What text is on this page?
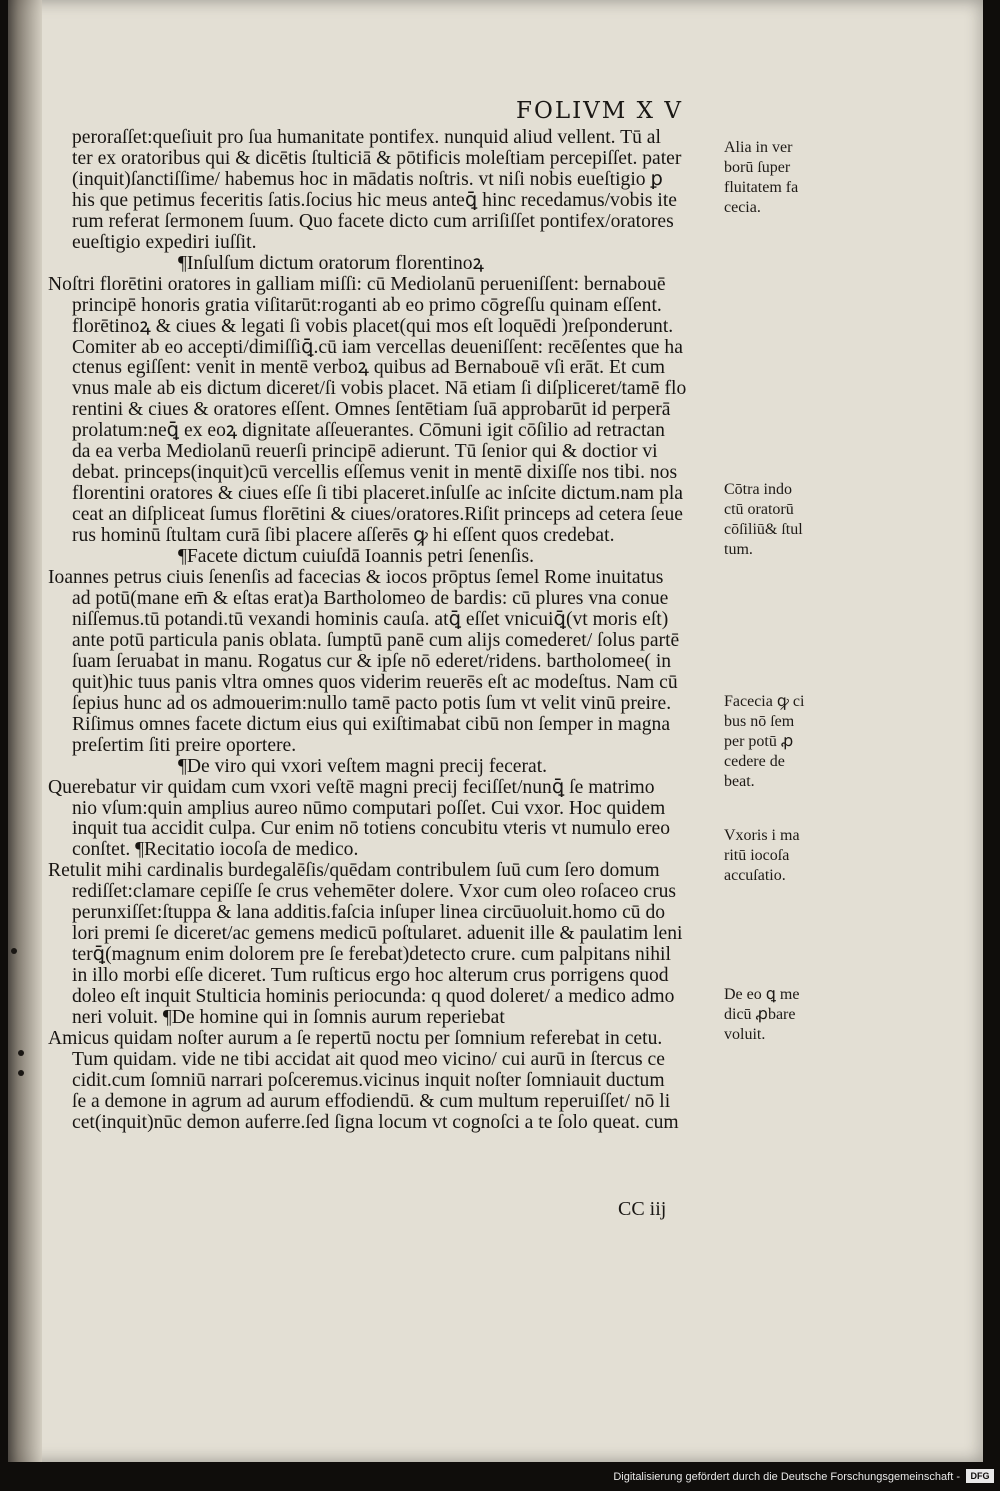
FOLIVM X V
peroraſſet:queſiuit pro ſua humanitate pontifex. nunquid aliud vellent. Tū al
ter ex oratoribus qui & dicētis ſtulticiā & pōtificis moleſtiam percepiſſet. pater
(inquit)ſanctiſſime/ habemus hoc in mādatis noſtris. vt niſi nobis eueſtigio ꝑ
his que petimus feceritis ſatis.ſocius hic meus anteꝗ̄ hinc recedamus/vobis ite
rum referat ſermonem ſuum. Quo facete dicto cum arriſiſſet pontifex/oratores
eueſtigio expediri iuſſit.
¶Inſulſum dictum oratorum florentinoꝝ
Noſtri florētini oratores in galliam miſſi: cū Mediolanū perueniſſent: bernabouē
principē honoris gratia viſitarūt:roganti ab eo primo cōgreſſu quinam eſſent.
florētinoꝝ & ciues & legati ſi vobis placet(qui mos eſt loquēdi )reſponderunt.
Comiter ab eo accepti/dimiſſiꝗ̄.cū iam vercellas deueniſſent: recēſentes que ha
ctenus egiſſent: venit in mentē verboꝝ quibus ad Bernabouē vſi erāt. Et cum
vnus male ab eis dictum diceret/ſi vobis placet. Nā etiam ſi diſpliceret/tamē flo
rentini & ciues & oratores eſſent. Omnes ſentētiam ſuā approbarūt id perperā
prolatum:neꝗ̄ ex eoꝝ dignitate aſſeuerantes. Cōmuni igit cōſilio ad retractan
da ea verba Mediolanū reuerſi principē adierunt. Tū ſenior qui & doctior vi
debat. princeps(inquit)cū vercellis eſſemus venit in mentē dixiſſe nos tibi. nos
florentini oratores & ciues eſſe ſi tibi placeret.inſulſe ac inſcite dictum.nam pla
ceat an diſpliceat ſumus florētini & ciues/oratores.Riſit princeps ad cetera ſeue
rus hominū ſtultam curā ſibi placere aſſerēs ꝙ hi eſſent quos credebat.
¶Facete dictum cuiuſdā Ioannis petri ſenenſis.
Ioannes petrus ciuis ſenenſis ad facecias & iocos prōptus ſemel Rome inuitatus
ad potū(mane em̄ & eſtas erat)a Bartholomeo de bardis: cū plures vna conue
niſſemus.tū potandi.tū vexandi hominis cauſa. atꝗ̄ eſſet vnicuiꝗ̄(vt moris eſt)
ante potū particula panis oblata. ſumptū panē cum alijs comederet/ ſolus partē
ſuam ſeruabat in manu. Rogatus cur & ipſe nō ederet/ridens. bartholomee( in
quit)hic tuus panis vltra omnes quos viderim reuerēs eſt ac modeſtus. Nam cū
ſepius hunc ad os admouerim:nullo tamē pacto potis ſum vt velit vinū preire.
Riſimus omnes facete dictum eius qui exiſtimabat cibū non ſemper in magna
preſertim ſiti preire oportere.
¶De viro qui vxori veſtem magni precij fecerat.
Querebatur vir quidam cum vxori veſtē magni precij feciſſet/nunꝗ̄ ſe matrimo
nio vſum:quin amplius aureo nūmo computari poſſet. Cui vxor. Hoc quidem
inquit tua accidit culpa. Cur enim nō totiens concubitu vteris vt numulo ereo
conſtet. ¶Recitatio iocoſa de medico.
Retulit mihi cardinalis burdegalēſis/quēdam contribulem ſuū cum ſero domum
rediſſet:clamare cepiſſe ſe crus vehemēter dolere. Vxor cum oleo roſaceo crus
perunxiſſet:ſtuppa & lana additis.faſcia inſuper linea circūuoluit.homo cū do
lori premi ſe diceret/ac gemens medicū poſtularet. aduenit ille & paulatim leni
terꝗ̄(magnum enim dolorem pre ſe ferebat)detecto crure. cum palpitans nihil
in illo morbi eſſe diceret. Tum ruſticus ergo hoc alterum crus porrigens quod
doleo eſt inquit Stulticia hominis periocunda: q quod doleret/ a medico admo
neri voluit. ¶De homine qui in ſomnis aurum reperiebat
Amicus quidam noſter aurum a ſe repertū noctu per ſomnium referebat in cetu.
Tum quidam. vide ne tibi accidat ait quod meo vicino/ cui aurū in ſtercus ce
cidit.cum ſomniū narrari poſceremus.vicinus inquit noſter ſomniauit ductum
ſe a demone in agrum ad aurum effodiendū. & cum multum reperuiſſet/ nō li
cet(inquit)nūc demon auferre.ſed ſigna locum vt cognoſci a te ſolo queat. cum
Alia in ver
borū ſuper
fluitatem fa
cecia.
Cōtra indo
ctū oratorū
cōſiliū& ſtul
tum.
Facecia ꝙ ci
bus nō ſem
per potū ꝓ
cedere de
beat.
Vxoris i ma
ritū iocoſa
accuſatio.
De eo ꝗ me
dicū ꝓbare
voluit.
CC iij
Digitalisierung gefördert durch die Deutsche Forschungsgemeinschaft -	DFG
